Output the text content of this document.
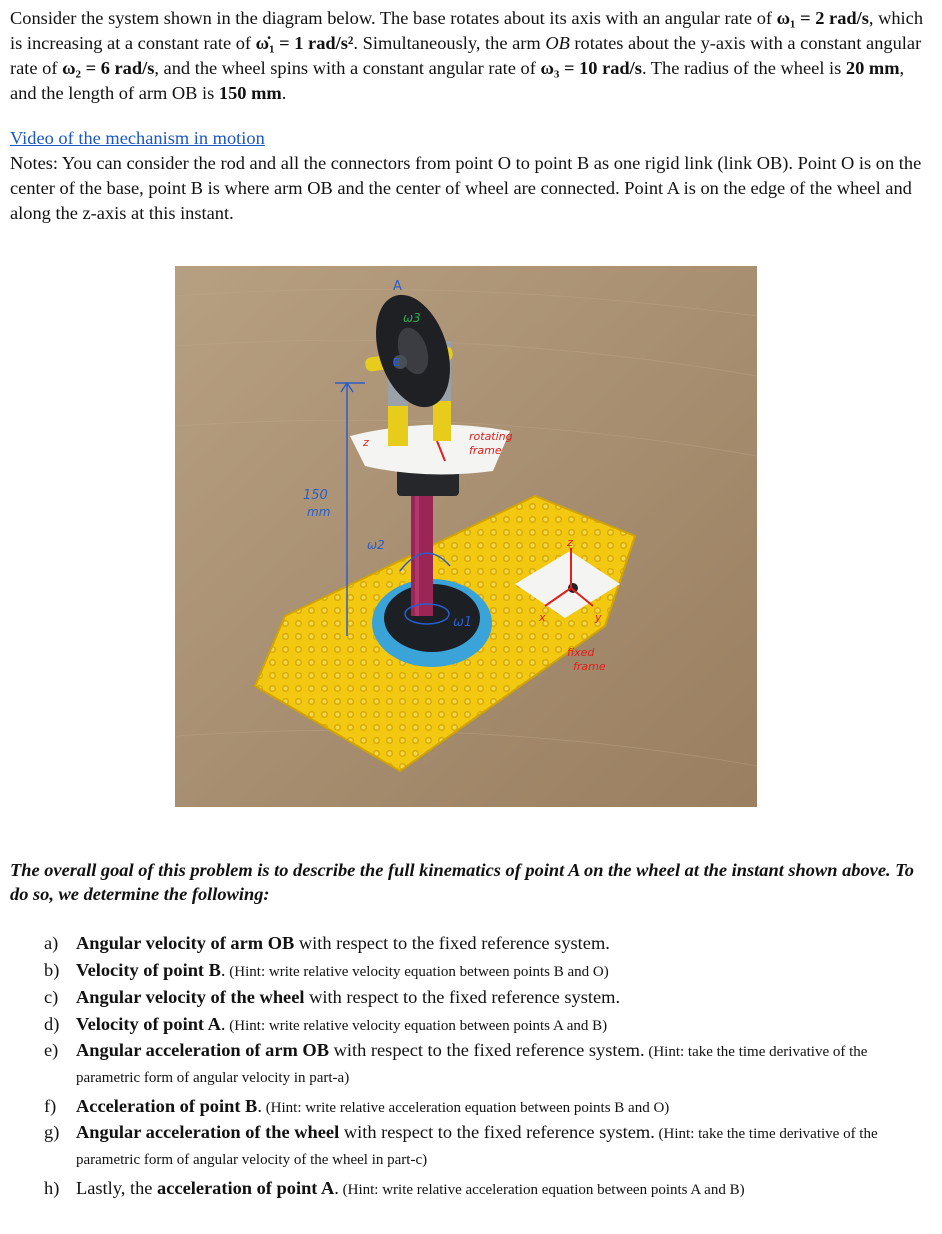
Consider the system shown in the diagram below. The base rotates about its axis with an angular rate of ω₁ = 2 rad/s, which is increasing at a constant rate of ω̇₁ = 1 rad/s². Simultaneously, the arm OB rotates about the y-axis with a constant angular rate of ω₂ = 6 rad/s, and the wheel spins with a constant angular rate of ω₃ = 10 rad/s. The radius of the wheel is 20 mm, and the length of arm OB is 150 mm.

Video of the mechanism in motion

Notes: You can consider the rod and all the connectors from point O to point B as one rigid link (link OB). Point O is on the center of the base, point B is where arm OB and the center of wheel are connected. Point A is on the edge of the wheel and along the z-axis at this instant.

150
mm
A
B
ω3
ω2
ω1
z	rotating
frame
z
x	y
fixed
frame

The overall goal of this problem is to describe the full kinematics of point A on the wheel at the instant shown above. To do so, we determine the following:

a) Angular velocity of arm OB with respect to the fixed reference system.
b) Velocity of point B. (Hint: write relative velocity equation between points B and O)
c) Angular velocity of the wheel with respect to the fixed reference system.
d) Velocity of point A. (Hint: write relative velocity equation between points A and B)
e) Angular acceleration of arm OB with respect to the fixed reference system. (Hint: take the time derivative of the parametric form of angular velocity in part-a)
f) Acceleration of point B. (Hint: write relative acceleration equation between points B and O)
g) Angular acceleration of the wheel with respect to the fixed reference system. (Hint: take the time derivative of the parametric form of angular velocity of the wheel in part-c)
h) Lastly, the acceleration of point A. (Hint: write relative acceleration equation between points A and B)
